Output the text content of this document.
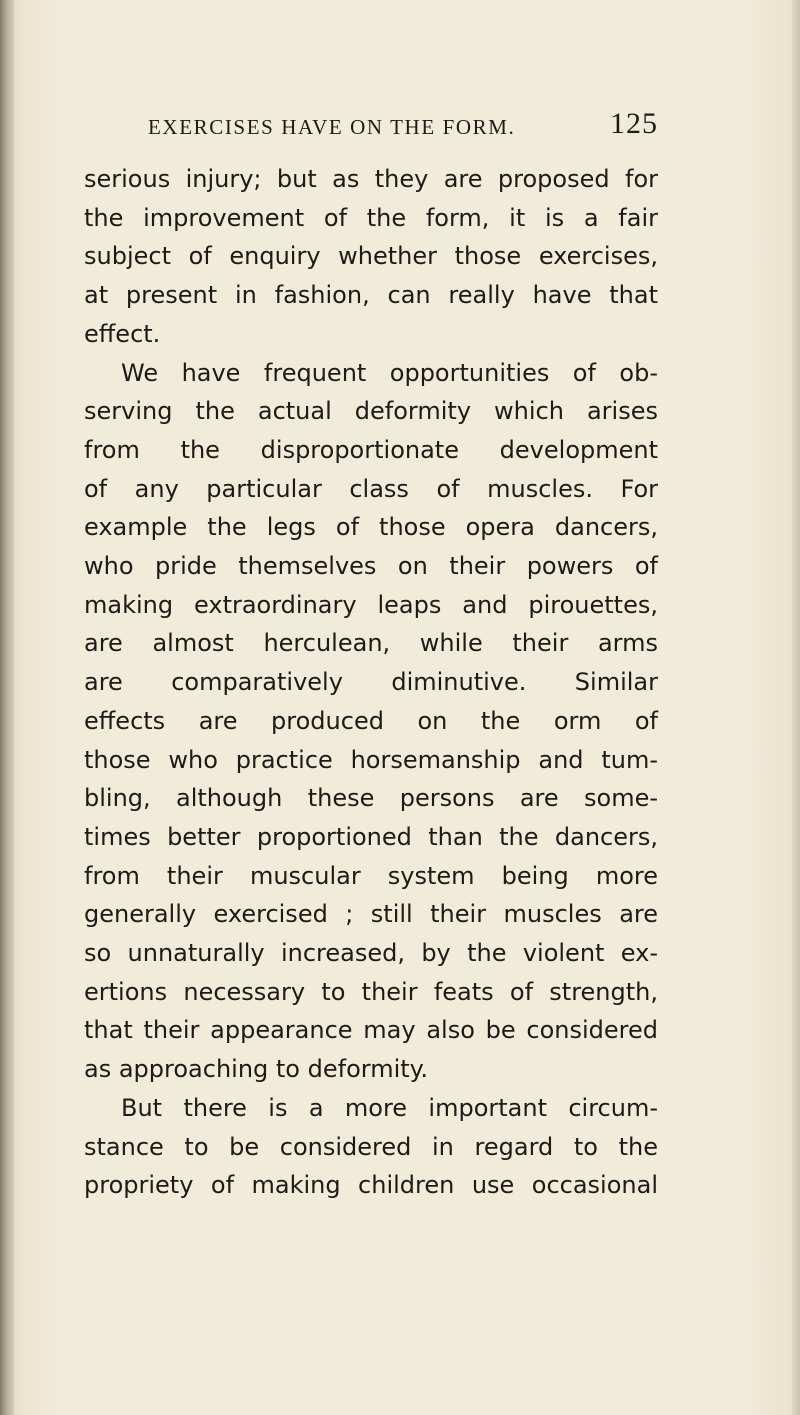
EXERCISES HAVE ON THE FORM.	125
serious injury; but as they are proposed for
the improvement of the form, it is a fair
subject of enquiry whether those exercises,
at present in fashion, can really have that
effect.
We have frequent opportunities of ob-
serving the actual deformity which arises
from the disproportionate development
of any particular class of muscles. For
example the legs of those opera dancers,
who pride themselves on their powers of
making extraordinary leaps and pirouettes,
are almost herculean, while their arms
are comparatively diminutive. Similar
effects are produced on the orm of
those who practice horsemanship and tum-
bling, although these persons are some-
times better proportioned than the dancers,
from their muscular system being more
generally exercised ; still their muscles are
so unnaturally increased, by the violent ex-
ertions necessary to their feats of strength,
that their appearance may also be considered
as approaching to deformity.
But there is a more important circum-
stance to be considered in regard to the
propriety of making children use occasional
